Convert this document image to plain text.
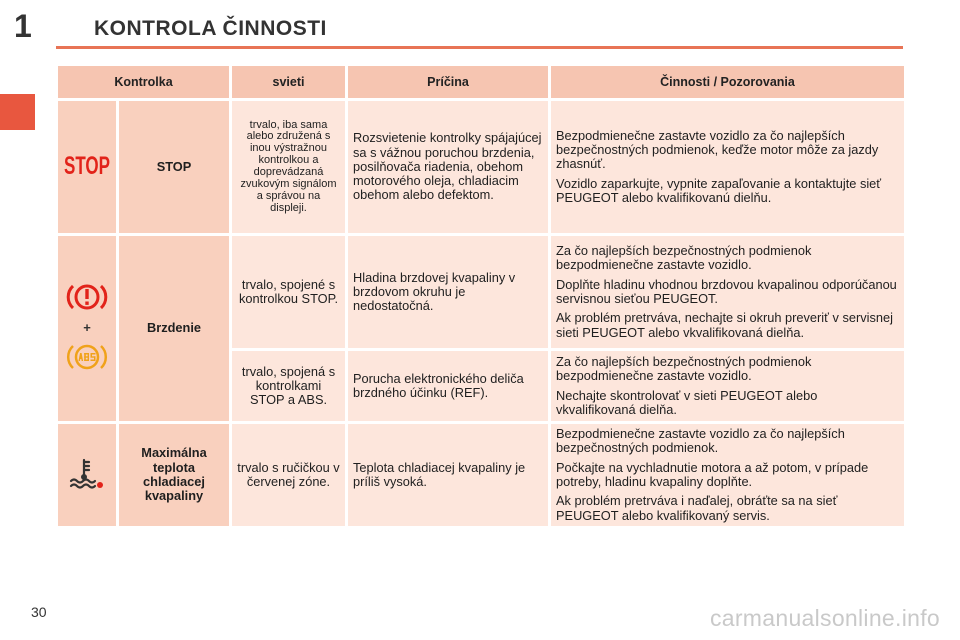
1	KONTROLA ČINNOSTI
Kontrolka		svieti	Príčina	Činnosti / Pozorovania

STOP	STOP	trvalo, iba sama alebo združená s inou výstražnou kontrolkou a doprevádzaná zvukovým signálom a správou na displeji.	Rozsvietenie kontrolky spájajúcej sa s vážnou poruchou brzdenia, posilňovača riadenia, obehom motorového oleja, chladiacim obehom alebo defektom.	Bezpodmienečne zastavte vozidlo za čo najlepších bezpečnostných podmienok, keďže motor môže za jazdy zhasnúť.

Vozidlo zaparkujte, vypnite zapaľovanie a kontaktujte sieť PEUGEOT alebo kvalifikovanú dielňu.

+	Brzdenie	trvalo, spojené s kontrolkou STOP.	Hladina brzdovej kvapaliny v brzdovom okruhu je nedostatočná.	Za čo najlepších bezpečnostných podmienok bezpodmienečne zastavte vozidlo.

Doplňte hladinu vhodnou brzdovou kvapalinou odporúčanou servisnou sieťou PEUGEOT.

Ak problém pretrváva, nechajte si okruh preveriť v servisnej sieti PEUGEOT alebo vkvalifikovaná dielňa.

		trvalo, spojená s kontrolkami STOP a ABS.	Porucha elektronického deliča brzdného účinku (REF).	Za čo najlepších bezpečnostných podmienok bezpodmienečne zastavte vozidlo.

Nechajte skontrolovať v sieti PEUGEOT alebo vkvalifikovaná dielňa.

	Maximálna teplota chladiacej kvapaliny	trvalo s ručičkou v červenej zóne.	Teplota chladiacej kvapaliny je príliš vysoká.	Bezpodmienečne zastavte vozidlo za čo najlepších bezpečnostných podmienok.

Počkajte na vychladnutie motora a až potom, v prípade potreby, hladinu kvapaliny doplňte.

Ak problém pretrváva i naďalej, obráťte sa na sieť PEUGEOT alebo kvalifikovaný servis.

30	carmanualsonline.info
